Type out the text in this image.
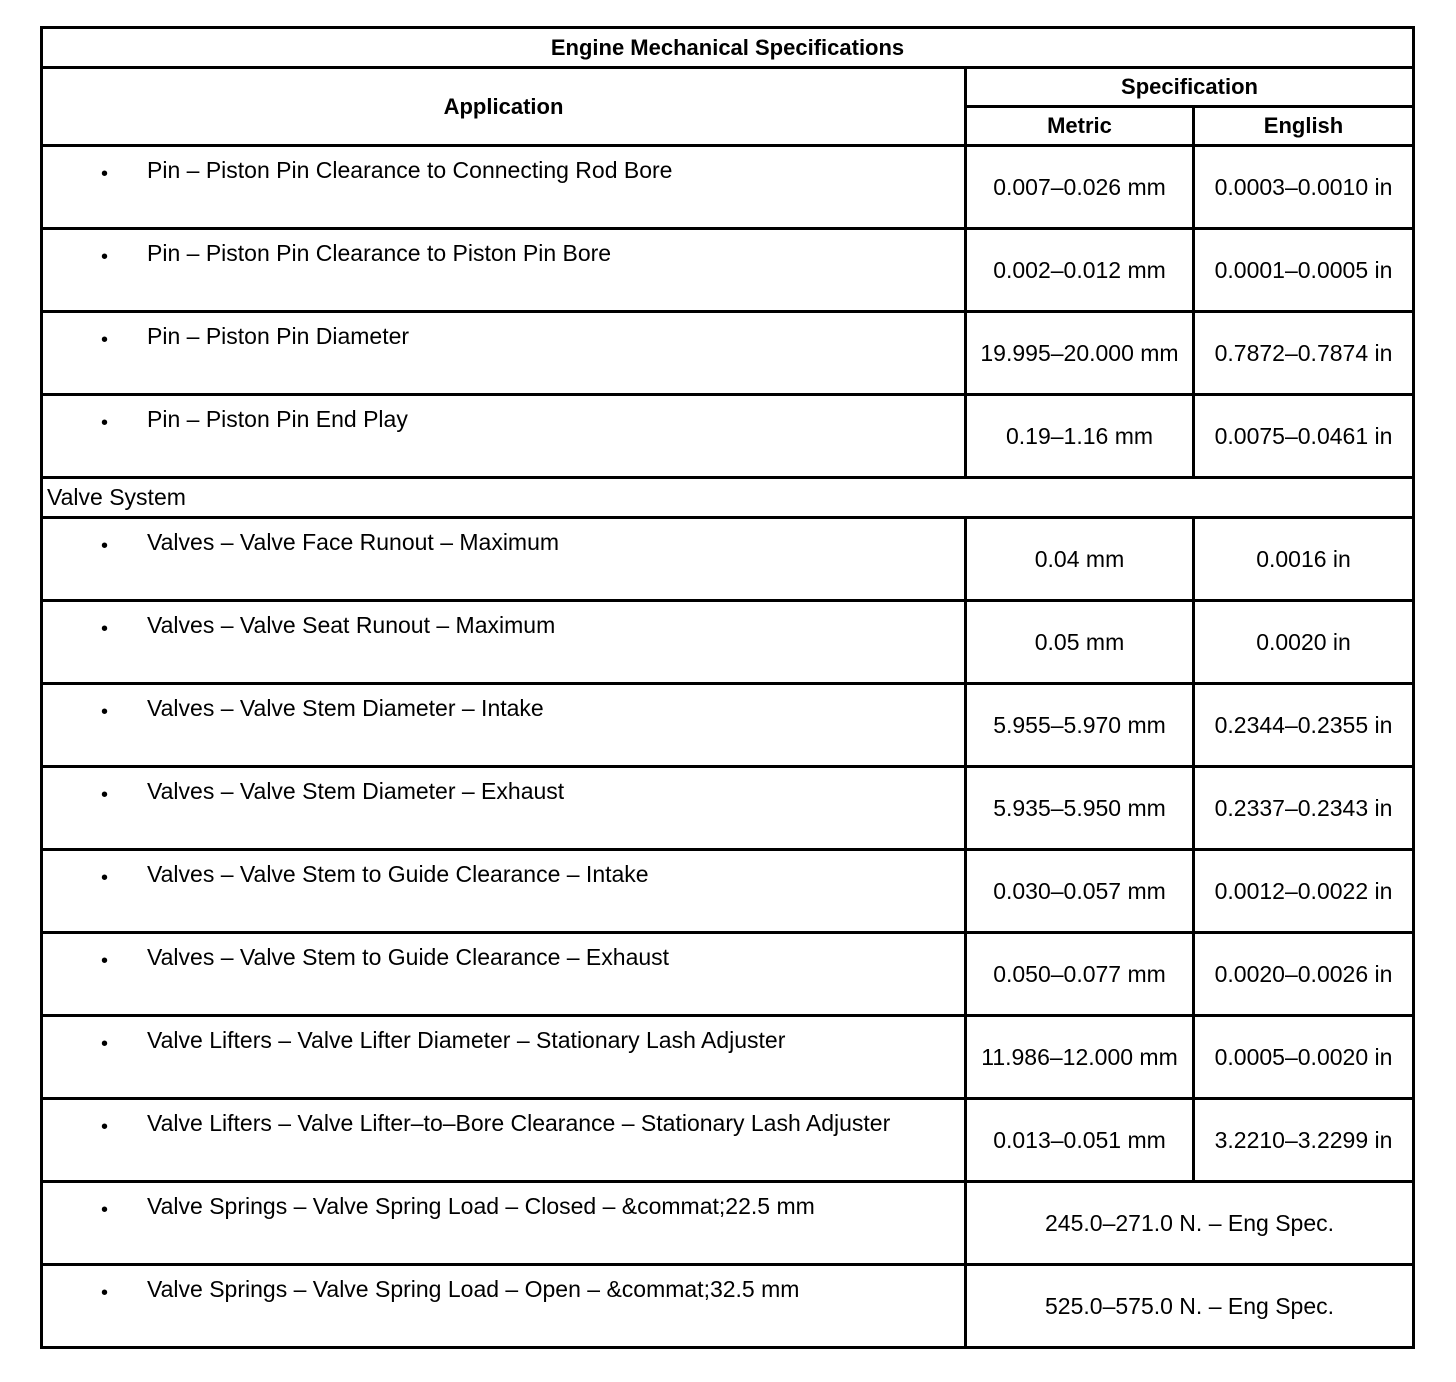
Engine Mechanical Specifications		
Application	Specification	
	Metric	English

• Pin – Piston Pin Clearance to Connecting Rod Bore	0.007–0.026 mm	0.0003–0.0010 in

• Pin – Piston Pin Clearance to Piston Pin Bore	0.002–0.012 mm	0.0001–0.0005 in

• Pin – Piston Pin Diameter	19.995–20.000 mm	0.7872–0.7874 in

• Pin – Piston Pin End Play	0.19–1.16 mm	0.0075–0.0461 in
Valve System		

• Valves – Valve Face Runout – Maximum	0.04 mm	0.0016 in

• Valves – Valve Seat Runout – Maximum	0.05 mm	0.0020 in

• Valves – Valve Stem Diameter – Intake	5.955–5.970 mm	0.2344–0.2355 in

• Valves – Valve Stem Diameter – Exhaust	5.935–5.950 mm	0.2337–0.2343 in

• Valves – Valve Stem to Guide Clearance – Intake	0.030–0.057 mm	0.0012–0.0022 in

• Valves – Valve Stem to Guide Clearance – Exhaust	0.050–0.077 mm	0.0020–0.0026 in

• Valve Lifters – Valve Lifter Diameter – Stationary Lash Adjuster	11.986–12.000 mm	0.0005–0.0020 in

• Valve Lifters – Valve Lifter–to–Bore Clearance – Stationary Lash Adjuster	0.013–0.051 mm	3.2210–3.2299 in

• Valve Springs – Valve Spring Load – Closed – &commat;22.5 mm	245.0–271.0 N. – Eng Spec.	

• Valve Springs – Valve Spring Load – Open – &commat;32.5 mm	525.0–575.0 N. – Eng Spec.	
